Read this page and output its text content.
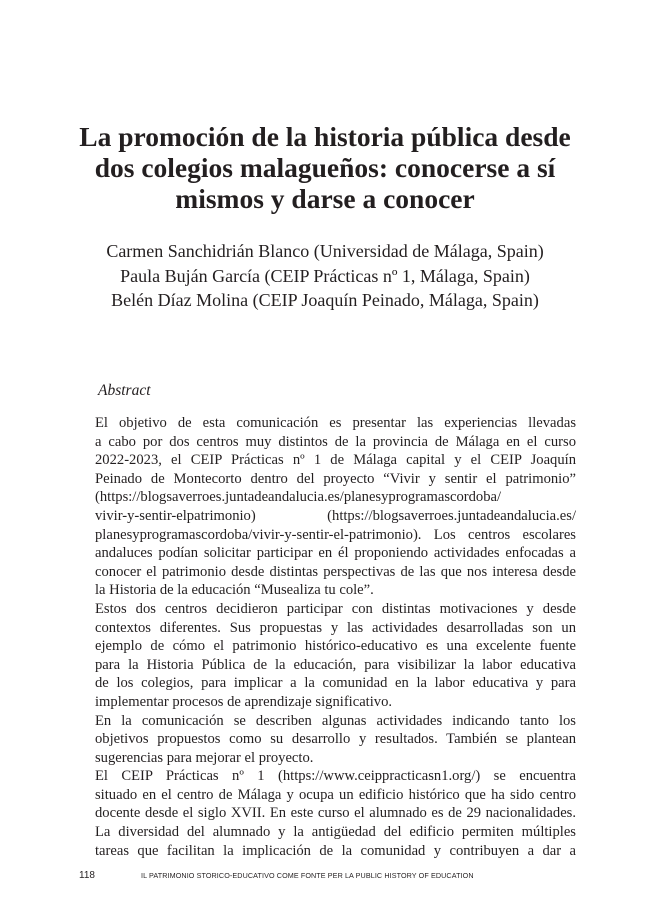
La promoción de la historia pública desde
dos colegios malagueños: conocerse a sí
mismos y darse a conocer
Carmen Sanchidrián Blanco (Universidad de Málaga, Spain)
Paula Buján García (CEIP Prácticas nº 1, Málaga, Spain)
Belén Díaz Molina (CEIP Joaquín Peinado, Málaga, Spain)
Abstract

El objetivo de esta comunicación es presentar las experiencias llevadas
a cabo por dos centros muy distintos de la provincia de Málaga en el curso
2022-2023, el CEIP Prácticas nº 1 de Málaga capital y el CEIP Joaquín
Peinado de Montecorto dentro del proyecto “Vivir y sentir el patrimonio”
(https://blogsaverroes.juntadeandalucia.es/planesyprogramascordoba/
vivir-y-sentir-elpatrimonio) (https://blogsaverroes.juntadeandalucia.es/
planesyprogramascordoba/vivir-y-sentir-el-patrimonio). Los centros escolares
andaluces podían solicitar participar en él proponiendo actividades enfocadas a
conocer el patrimonio desde distintas perspectivas de las que nos interesa desde
la Historia de la educación “Musealiza tu cole”.

Estos dos centros decidieron participar con distintas motivaciones y desde
contextos diferentes. Sus propuestas y las actividades desarrolladas son un
ejemplo de cómo el patrimonio histórico-educativo es una excelente fuente
para la Historia Pública de la educación, para visibilizar la labor educativa
de los colegios, para implicar a la comunidad en la labor educativa y para
implementar procesos de aprendizaje significativo.

En la comunicación se describen algunas actividades indicando tanto los
objetivos propuestos como su desarrollo y resultados. También se plantean
sugerencias para mejorar el proyecto.

El CEIP Prácticas nº 1 (https://www.ceippracticasn1.org/) se encuentra
situado en el centro de Málaga y ocupa un edificio histórico que ha sido centro
docente desde el siglo XVII. En este curso el alumnado es de 29 nacionalidades.
La diversidad del alumnado y la antigüedad del edificio permiten múltiples
tareas que facilitan la implicación de la comunidad y contribuyen a dar a

118	IL PATRIMONIO STORICO-EDUCATIVO COME FONTE PER LA PUBLIC HISTORY OF EDUCATION
